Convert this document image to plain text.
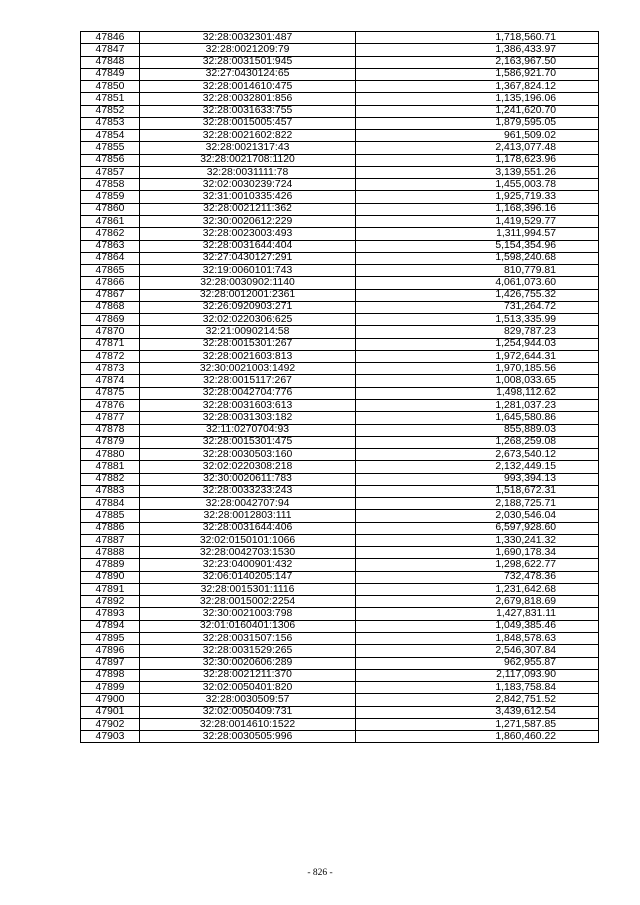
47846	32:28:0032301:487	1,718,560.71
47847	32:28:0021209:79	1,386,433.97
47848	32:28:0031501:945	2,163,967.50
47849	32:27:0430124:65	1,586,921.70
47850	32:28:0014610:475	1,367,824.12
47851	32:28:0032801:856	1,135,196.06
47852	32:28:0031633:755	1,241,620.70
47853	32:28:0015005:457	1,879,595.05
47854	32:28:0021602:822	961,509.02
47855	32:28:0021317:43	2,413,077.48
47856	32:28:0021708:1120	1,178,623.96
47857	32:28:0031111:78	3,139,551.26
47858	32:02:0030239:724	1,455,003.78
47859	32:31:0010335:426	1,925,719.33
47860	32:28:0021211:362	1,168,396.16
47861	32:30:0020612:229	1,419,529.77
47862	32:28:0023003:493	1,311,994.57
47863	32:28:0031644:404	5,154,354.96
47864	32:27:0430127:291	1,598,240.68
47865	32:19:0060101:743	810,779.81
47866	32:28:0030902:1140	4,061,073.60
47867	32:28:0012001:2361	1,426,755.32
47868	32:26:0920903:271	731,264.72
47869	32:02:0220306:625	1,513,335.99
47870	32:21:0090214:58	829,787.23
47871	32:28:0015301:267	1,254,944.03
47872	32:28:0021603:813	1,972,644.31
47873	32:30:0021003:1492	1,970,185.56
47874	32:28:0015117:267	1,008,033.65
47875	32:28:0042704:776	1,498,112.62
47876	32:28:0031603:613	1,281,037.23
47877	32:28:0031303:182	1,645,580.86
47878	32:11:0270704:93	855,889.03
47879	32:28:0015301:475	1,268,259.08
47880	32:28:0030503:160	2,673,540.12
47881	32:02:0220308:218	2,132,449.15
47882	32:30:0020611:783	993,394.13
47883	32:28:0033233:243	1,518,672.31
47884	32:28:0042707:94	2,188,725.71
47885	32:28:0012803:111	2,030,546.04
47886	32:28:0031644:406	6,597,928.60
47887	32:02:0150101:1066	1,330,241.32
47888	32:28:0042703:1530	1,690,178.34
47889	32:23:0400901:432	1,298,622.77
47890	32:06:0140205:147	732,478.36
47891	32:28:0015301:1116	1,231,642.68
47892	32:28:0015002:2254	2,679,818.69
47893	32:30:0021003:798	1,427,831.11
47894	32:01:0160401:1306	1,049,385.46
47895	32:28:0031507:156	1,848,578.63
47896	32:28:0031529:265	2,546,307.84
47897	32:30:0020606:289	962,955.87
47898	32:28:0021211:370	2,117,093.90
47899	32:02:0050401:820	1,183,758.84
47900	32:28:0030509:57	2,842,751.52
47901	32:02:0050409:731	3,439,612.54
47902	32:28:0014610:1522	1,271,587.85
47903	32:28:0030505:996	1,860,460.22
- 826 -
